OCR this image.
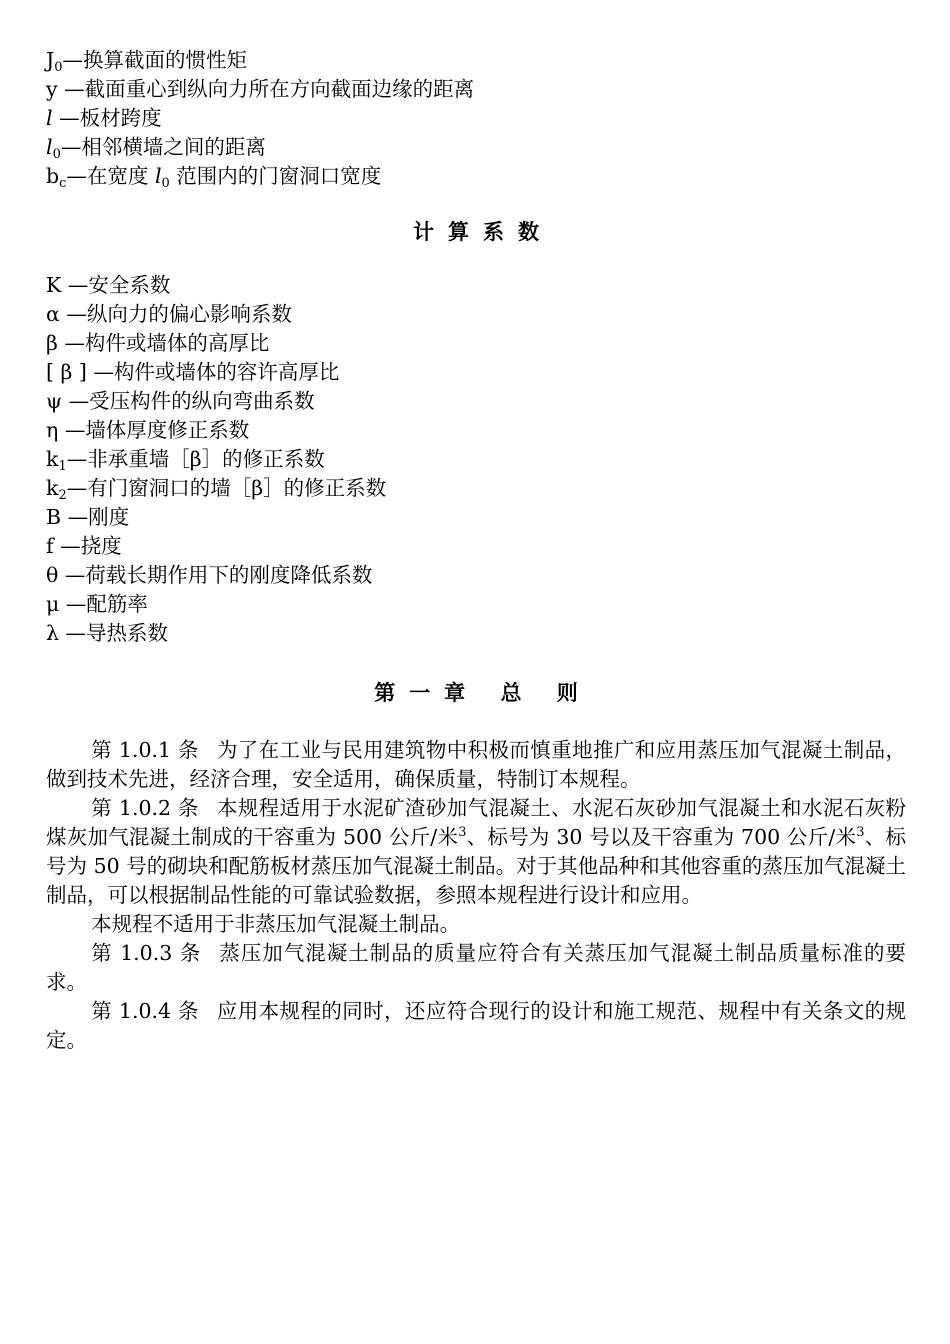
$J_0—$换算截面的惯性矩
y —截面重心到纵向力所在方向截面边缘的距离
l —板材跨度
$l_0—$相邻横墙之间的距离
$b_c—$在宽度 $l_0$ 范围内的门窗洞口宽度
计算系数
K —安全系数
α —纵向力的偏心影响系数
β —构件或墙体的高厚比
[ β ] —构件或墙体的容许高厚比
ψ —受压构件的纵向弯曲系数
η —墙体厚度修正系数
$k_1—$非承重墙［β］的修正系数
$k_2—$有门窗洞口的墙［β］的修正系数
B —刚度
f —挠度
θ —荷载长期作用下的刚度降低系数
μ —配筋率
λ —导热系数
第一章 总 则

第 1.0.1 条 为了在工业与民用建筑物中积极而慎重地推广和应用蒸压加气混凝土制品，做到技术先进，经济合理，安全适用，确保质量，特制订本规程。

第 1.0.2 条 本规程适用于水泥矿渣砂加气混凝土、水泥石灰砂加气混凝土和水泥石灰粉煤灰加气混凝土制成的干容重为 500 公斤/米$^3$、标号为 30 号以及干容重为 700 公斤/米$^3$、标号为 50 号的砌块和配筋板材蒸压加气混凝土制品。对于其他品种和其他容重的蒸压加气混凝土制品，可以根据制品性能的可靠试验数据，参照本规程进行设计和应用。

本规程不适用于非蒸压加气混凝土制品。

第 1.0.3 条 蒸压加气混凝土制品的质量应符合有关蒸压加气混凝土制品质量标准的要求。

第 1.0.4 条 应用本规程的同时，还应符合现行的设计和施工规范、规程中有关条文的规定。
